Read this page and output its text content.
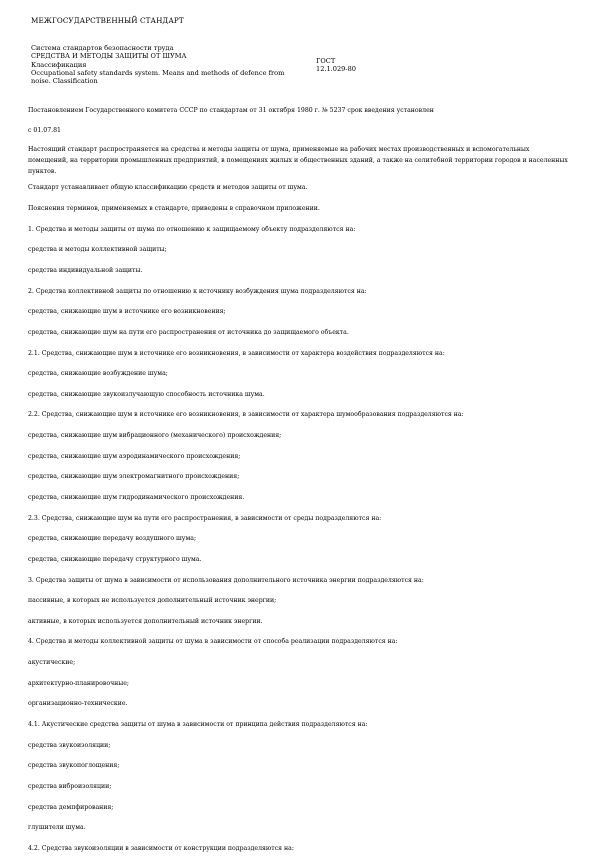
МЕЖГОСУДАРСТВЕННЫЙ СТАНДАРТ
Система стандартов безопасности труда
СРЕДСТВА И МЕТОДЫ ЗАЩИТЫ ОТ ШУМА
Классификация
Occupational safety standards system. Means and methods of defence from
noise. Classification
ГОСТ
12.1.029-80

Постановлением Государственного комитета СССР по стандартам от 31 октября 1980 г. № 5237 срок введения установлен

с 01.07.81

Настоящий стандарт распространяется на средства и методы защиты от шума, применяемые на рабочих местах производственных и вспомогательных помещений, на территории промышленных предприятий, в помещениях жилых и общественных зданий, а также на селитебной территории городов и населенных пунктов.

Стандарт устанавливает общую классификацию средств и методов защиты от шума.

Пояснения терминов, применяемых в стандарте, приведены в справочном приложении.

1. Средства и методы защиты от шума по отношению к защищаемому объекту подразделяются на:

средства и методы коллективной защиты;

средства индивидуальной защиты.

2. Средства коллективной защиты по отношению к источнику возбуждения шума подразделяются на:

средства, снижающие шум в источнике его возникновения;

средства, снижающие шум на пути его распространения от источника до защищаемого объекта.

2.1. Средства, снижающие шум в источнике его возникновения, в зависимости от характера воздействия подразделяются на:

средства, снижающие возбуждение шума;

средства, снижающие звукоизлучающую способность источника шума.

2.2. Средства, снижающие шум в источнике его возникновения, в зависимости от характера шумообразования подразделяются на:

средства, снижающие шум вибрационного (механического) происхождения;

средства, снижающие шум аэродинамического происхождения;

средства, снижающие шум электромагнитного происхождения;

средства, снижающие шум гидродинамического происхождения.

2.3. Средства, снижающие шум на пути его распространения, в зависимости от среды подразделяются на:

средства, снижающие передачу воздушного шума;

средства, снижающие передачу структурного шума.

3. Средства защиты от шума в зависимости от использования дополнительного источника энергии подразделяются на:

пассивные, в которых не используется дополнительный источник энергии;

активные, в которых используется дополнительный источник энергии.

4. Средства и методы коллективной защиты от шума в зависимости от способа реализации подразделяются на:

акустические;

архитектурно-планировочные;

организационно-технические.

4.1. Акустические средства защиты от шума в зависимости от принципа действия подразделяются на:

средства звукоизоляции;

средства звукопоглощения;

средства виброизоляции;

средства демпфирования;

глушители шума.

4.2. Средства звукоизоляции в зависимости от конструкции подразделяются на:
